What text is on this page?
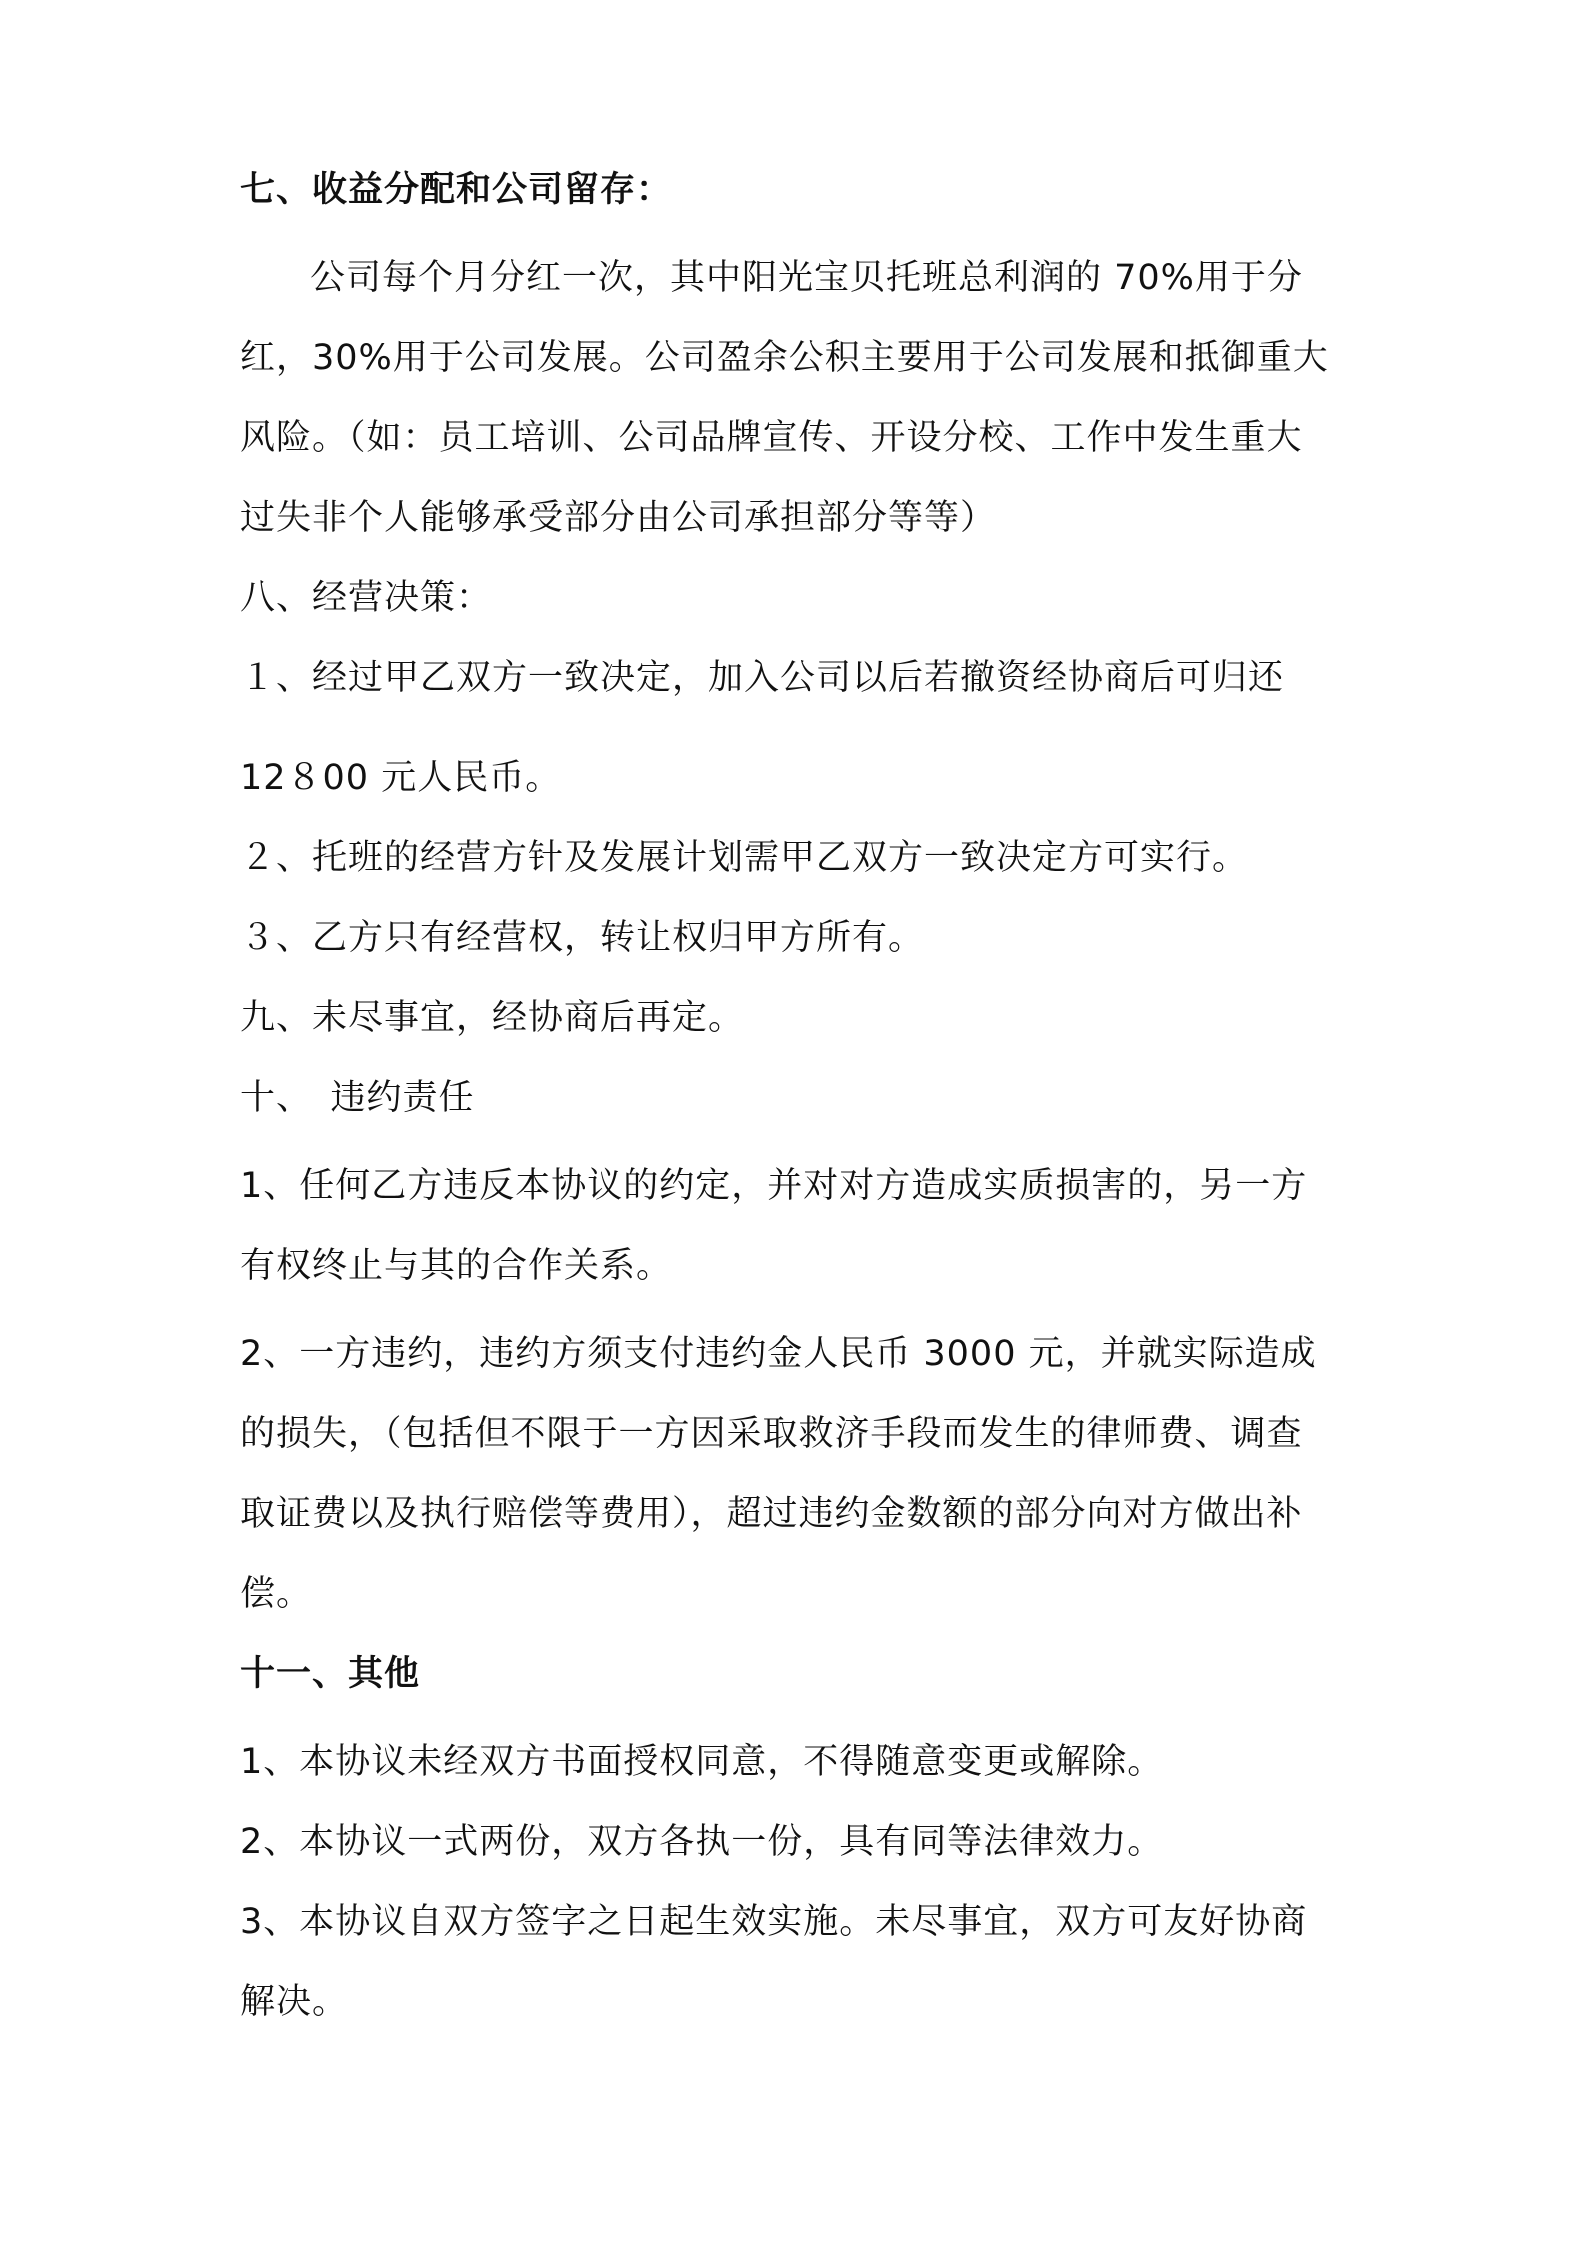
七、收益分配和公司留存：
公司每个月分红一次，其中阳光宝贝托班总利润的 70%用于分
红，30%用于公司发展。公司盈余公积主要用于公司发展和抵御重大
风险。（如：员工培训、公司品牌宣传、开设分校、工作中发生重大
过失非个人能够承受部分由公司承担部分等等）
八、经营决策：
１、经过甲乙双方一致决定，加入公司以后若撤资经协商后可归还
12８00 元人民币。
２、托班的经营方针及发展计划需甲乙双方一致决定方可实行。
３、乙方只有经营权，转让权归甲方所有。
九、未尽事宜，经协商后再定。
十、　违约责任
1、任何乙方违反本协议的约定，并对对方造成实质损害的，另一方
有权终止与其的合作关系。
2、一方违约，违约方须支付违约金人民币 3000 元，并就实际造成
的损失，（包括但不限于一方因采取救济手段而发生的律师费、调查
取证费以及执行赔偿等费用），超过违约金数额的部分向对方做出补
偿。
十一、其他
1、本协议未经双方书面授权同意，不得随意变更或解除。
2、本协议一式两份，双方各执一份，具有同等法律效力。
3、本协议自双方签字之日起生效实施。未尽事宜，双方可友好协商
解决。
